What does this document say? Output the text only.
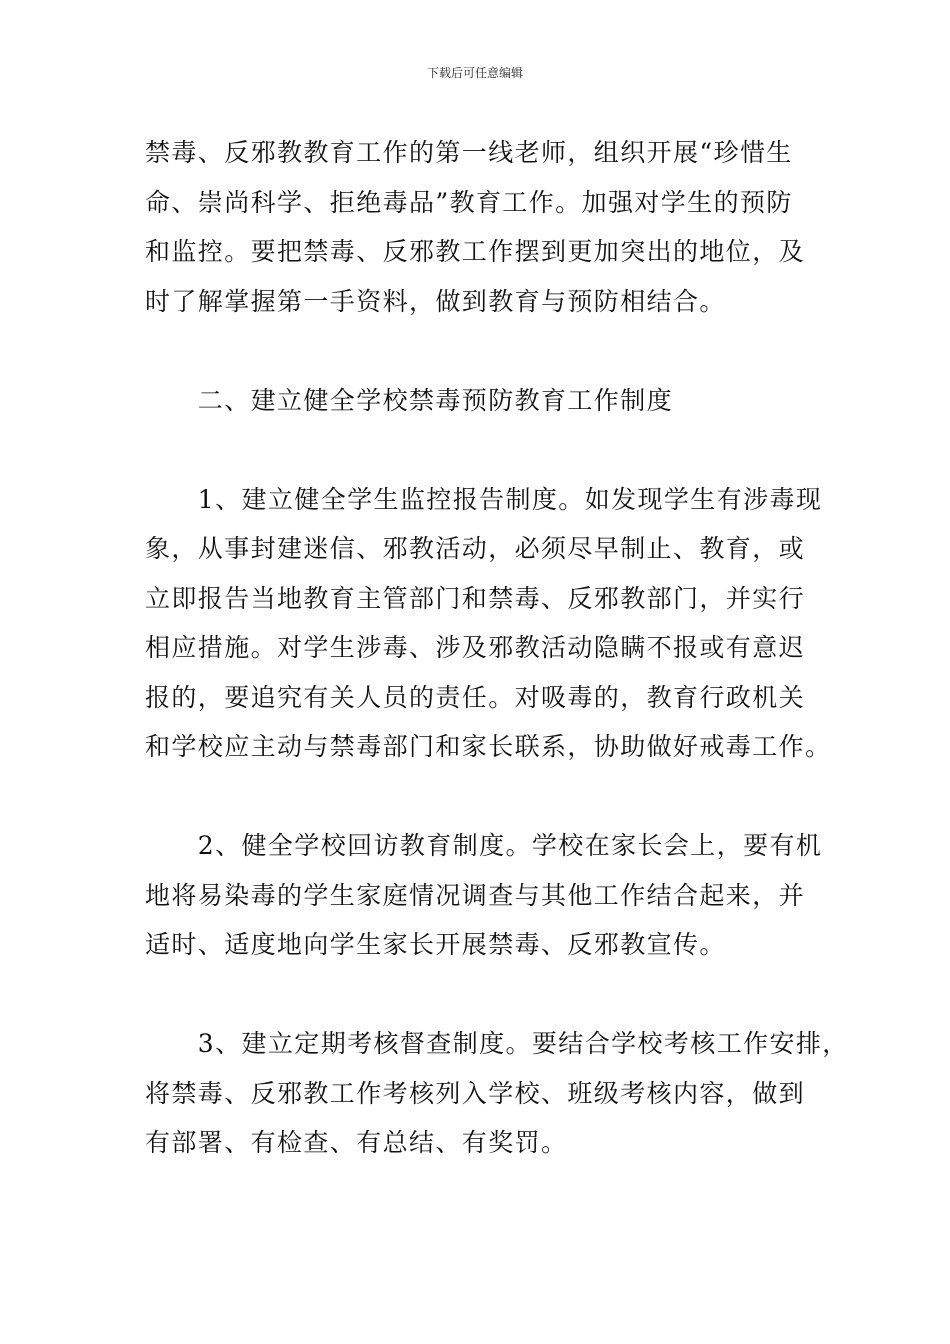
下载后可任意编辑
禁毒、反邪教教育工作的第一线老师，组织开展“珍惜生
命、崇尚科学、拒绝毒品”教育工作。加强对学生的预防
和监控。要把禁毒、反邪教工作摆到更加突出的地位，及
时了解掌握第一手资料，做到教育与预防相结合。
　　二、建立健全学校禁毒预防教育工作制度
　　1、建立健全学生监控报告制度。如发现学生有涉毒现
象，从事封建迷信、邪教活动，必须尽早制止、教育，或
立即报告当地教育主管部门和禁毒、反邪教部门，并实行
相应措施。对学生涉毒、涉及邪教活动隐瞒不报或有意迟
报的，要追究有关人员的责任。对吸毒的，教育行政机关
和学校应主动与禁毒部门和家长联系，协助做好戒毒工作。
　　2、健全学校回访教育制度。学校在家长会上，要有机
地将易染毒的学生家庭情况调查与其他工作结合起来，并
适时、适度地向学生家长开展禁毒、反邪教宣传。
　　3、建立定期考核督查制度。要结合学校考核工作安排，
将禁毒、反邪教工作考核列入学校、班级考核内容，做到
有部署、有检查、有总结、有奖罚。
